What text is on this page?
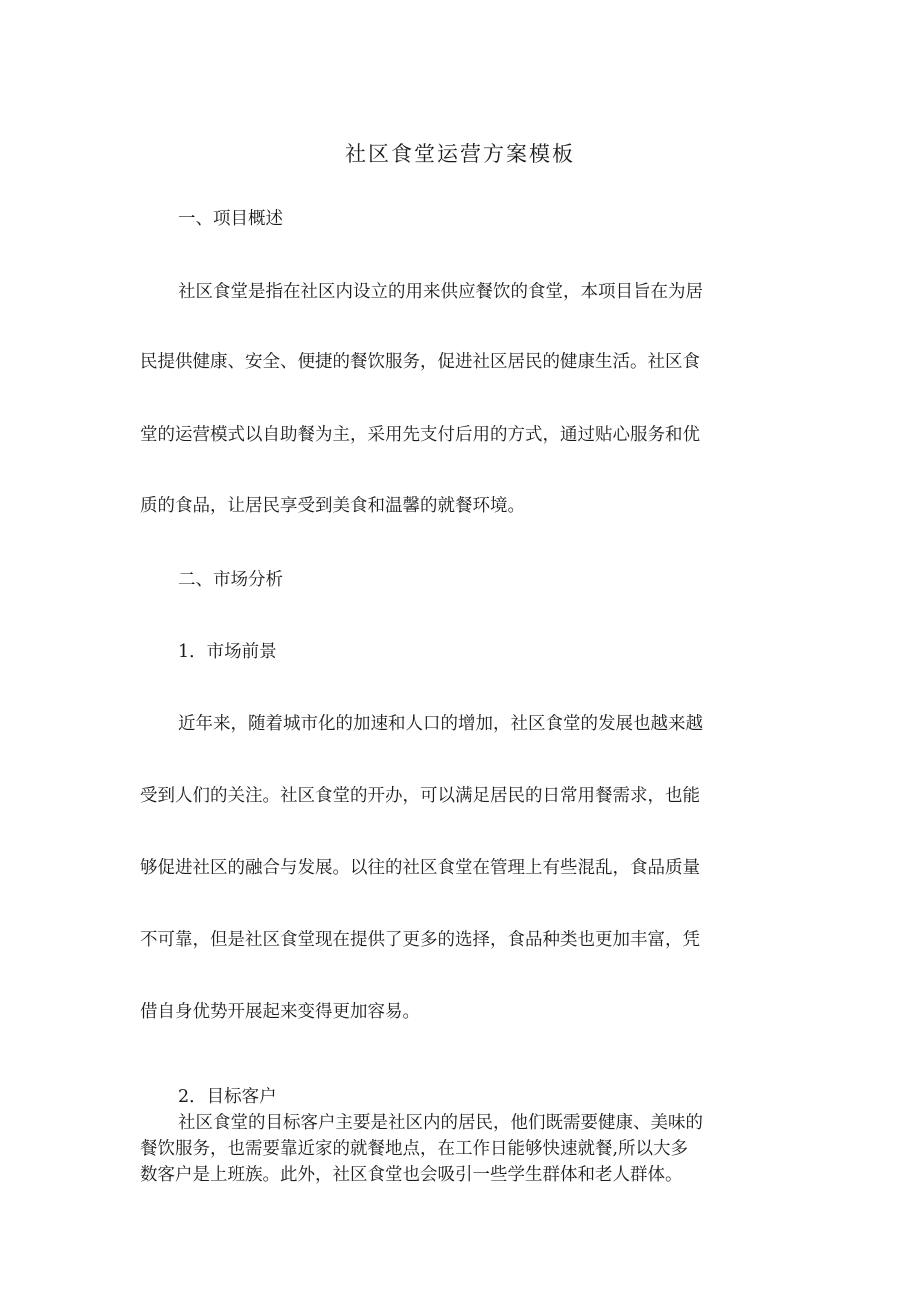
社区食堂运营方案模板
一、项目概述
社区食堂是指在社区内设立的用来供应餐饮的食堂，本项目旨在为居
民提供健康、安全、便捷的餐饮服务，促进社区居民的健康生活。社区食
堂的运营模式以自助餐为主，采用先支付后用的方式，通过贴心服务和优
质的食品，让居民享受到美食和温馨的就餐环境。
二、市场分析
1．市场前景
近年来，随着城市化的加速和人口的增加，社区食堂的发展也越来越
受到人们的关注。社区食堂的开办，可以满足居民的日常用餐需求，也能
够促进社区的融合与发展。以往的社区食堂在管理上有些混乱，食品质量
不可靠，但是社区食堂现在提供了更多的选择，食品种类也更加丰富，凭
借自身优势开展起来变得更加容易。
2．目标客户
社区食堂的目标客户主要是社区内的居民，他们既需要健康、美味的
餐饮服务，也需要靠近家的就餐地点，在工作日能够快速就餐,所以大多
数客户是上班族。此外，社区食堂也会吸引一些学生群体和老人群体。
